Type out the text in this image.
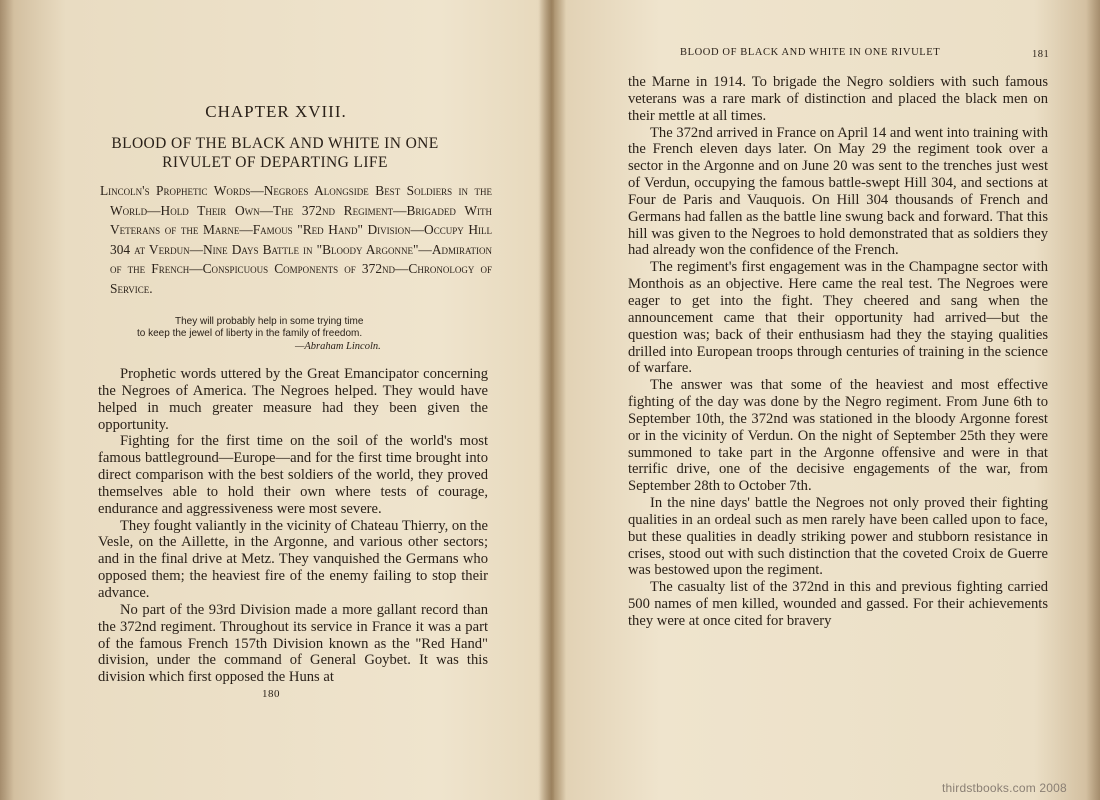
CHAPTER XVIII.
BLOOD OF THE BLACK AND WHITE IN ONE
RIVULET OF DEPARTING LIFE
Lincoln's Prophetic Words—Negroes Alongside Best Soldiers in the World—Hold Their Own—The 372nd Regiment—Brigaded With Veterans of the Marne—Famous "Red Hand" Division—Occupy Hill 304 at Verdun—Nine Days Battle in "Bloody Argonne"—Admiration of the French—Conspicuous Components of 372nd—Chronology of Service.
They will probably help in some trying time
to keep the jewel of liberty in the family of freedom.
—Abraham Lincoln.

Prophetic words uttered by the Great Emancipator concerning the Negroes of America. The Negroes helped. They would have helped in much greater measure had they been given the opportunity.

Fighting for the first time on the soil of the world's most famous battleground—Europe—and for the first time brought into direct comparison with the best soldiers of the world, they proved themselves able to hold their own where tests of courage, endurance and aggressiveness were most severe.

They fought valiantly in the vicinity of Chateau Thierry, on the Vesle, on the Aillette, in the Argonne, and various other sectors; and in the final drive at Metz. They vanquished the Germans who opposed them; the heaviest fire of the enemy failing to stop their advance.

No part of the 93rd Division made a more gallant record than the 372nd regiment. Throughout its service in France it was a part of the famous French 157th Division known as the "Red Hand" division, under the command of General Goybet. It was this division which first opposed the Huns at

180
BLOOD OF BLACK AND WHITE IN ONE RIVULET	181

the Marne in 1914. To brigade the Negro soldiers with such famous veterans was a rare mark of distinction and placed the black men on their mettle at all times.

The 372nd arrived in France on April 14 and went into training with the French eleven days later. On May 29 the regiment took over a sector in the Argonne and on June 20 was sent to the trenches just west of Verdun, occupying the famous battle-swept Hill 304, and sections at Four de Paris and Vauquois. On Hill 304 thousands of French and Germans had fallen as the battle line swung back and forward. That this hill was given to the Negroes to hold demonstrated that as soldiers they had already won the confidence of the French.

The regiment's first engagement was in the Champagne sector with Monthois as an objective. Here came the real test. The Negroes were eager to get into the fight. They cheered and sang when the announcement came that their opportunity had arrived—but the question was; back of their enthusiasm had they the staying qualities drilled into European troops through centuries of training in the science of warfare.

The answer was that some of the heaviest and most effective fighting of the day was done by the Negro regiment. From June 6th to September 10th, the 372nd was stationed in the bloody Argonne forest or in the vicinity of Verdun. On the night of September 25th they were summoned to take part in the Argonne offensive and were in that terrific drive, one of the decisive engagements of the war, from September 28th to October 7th.

In the nine days' battle the Negroes not only proved their fighting qualities in an ordeal such as men rarely have been called upon to face, but these qualities in deadly striking power and stubborn resistance in crises, stood out with such distinction that the coveted Croix de Guerre was bestowed upon the regiment.

The casualty list of the 372nd in this and previous fighting carried 500 names of men killed, wounded and gassed. For their achievements they were at once cited for bravery

thirdstbooks.com 2008
